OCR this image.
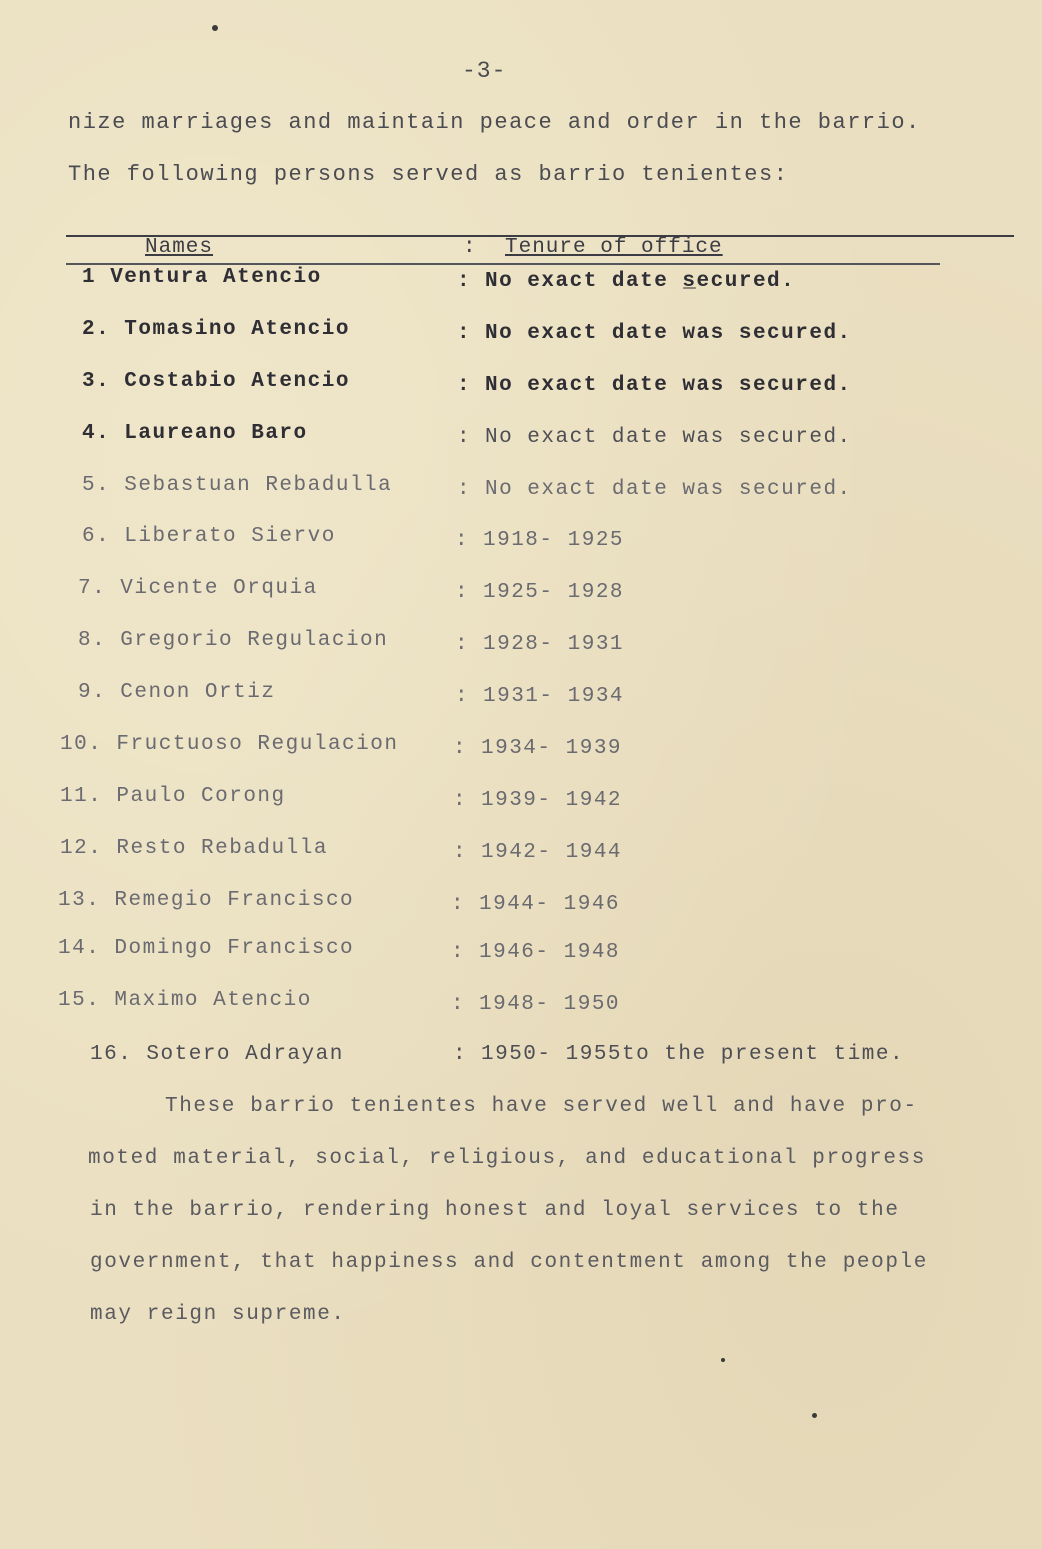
-3-
nize marriages and maintain peace and order in the barrio.
The following persons served as barrio tenientes:
Names	: Tenure of office
1 Ventura Atencio	: No exact date s̲ecured.
2. Tomasino Atencio	: No exact date was secured.
3. Costabio Atencio	: No exact date was secured.
4. Laureano Baro	: No exact date was secured.
5. Sebastuan Rebadulla	: No exact date was secured.
6. Liberato Siervo	: 1918- 1925
7. Vicente Orquia	: 1925- 1928
8. Gregorio Regulacion	: 1928- 1931
9. Cenon Ortiz	: 1931- 1934
10. Fructuoso Regulacion	: 1934- 1939
11. Paulo Corong	: 1939- 1942
12. Resto Rebadulla	: 1942- 1944
13. Remegio Francisco	: 1944- 1946
14. Domingo Francisco	: 1946- 1948
15. Maximo Atencio	: 1948- 1950
16. Sotero Adrayan	: 1950- 1955to the present time.
These barrio tenientes have served well and have pro-
moted material, social, religious, and educational progress
in the barrio, rendering honest and loyal services to the
government, that happiness and contentment among the people
may reign supreme.
